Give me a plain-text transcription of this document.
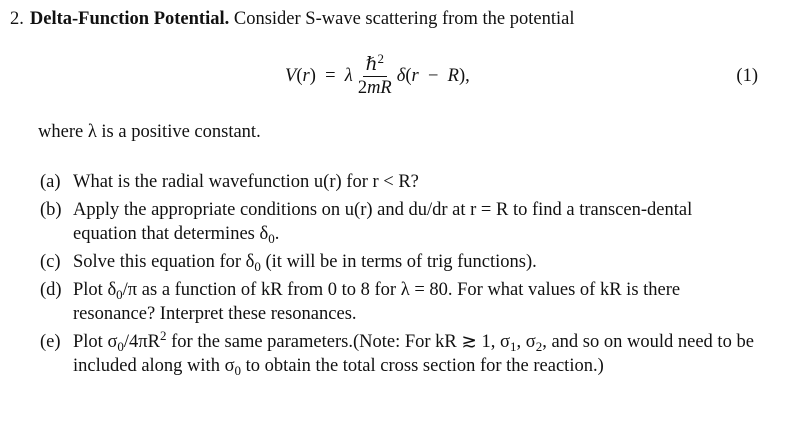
2. Delta-Function Potential. Consider S-wave scattering from the potential
V(r)  =  λ $\frac{\hbar^2}{2mR} \delta(r - R)$,	(1)
where λ is a positive constant.
(a) What is the radial wavefunction u(r) for r < R?
(b) Apply the appropriate conditions on u(r) and du/dr at r = R to find a transcen-dental equation that determines $\delta_0$.
(c) Solve this equation for $\delta_0$ (it will be in terms of trig functions).
(d) Plot $\delta_0/\pi$ as a function of kR from 0 to 8 for λ = 80. For what values of kR is there resonance? Interpret these resonances.
(e) Plot $\sigma_0/4\pi R^2$ for the same parameters.(Note: For kR ≳ 1, $\sigma_1$, $\sigma_2$, and so on would need to be included along with $\sigma_0$ to obtain the total cross section for the reaction.)
